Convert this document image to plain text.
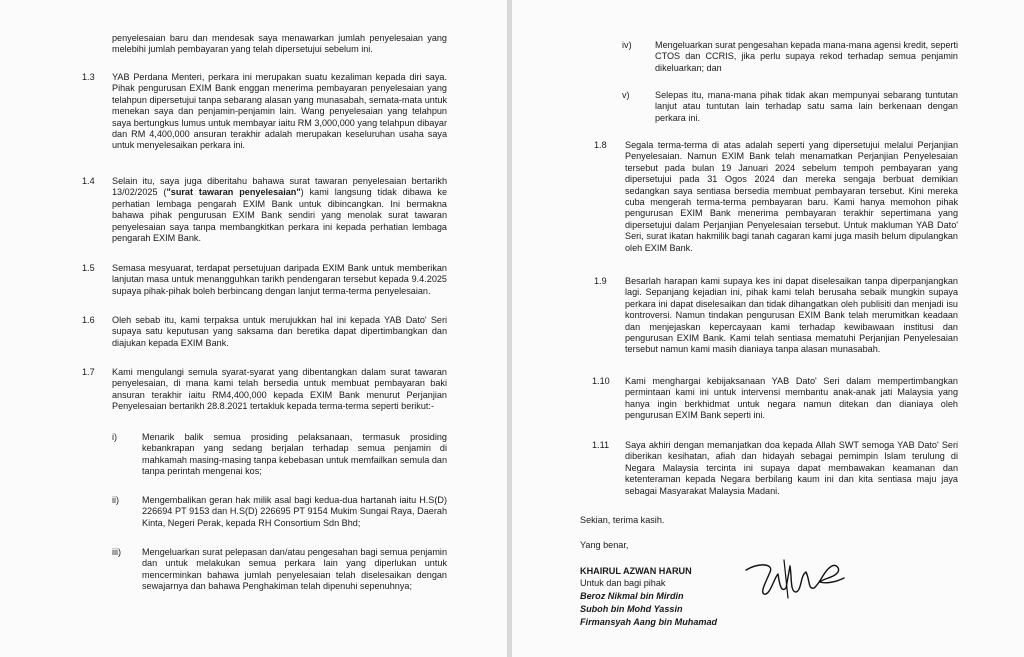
penyelesaian baru dan mendesak saya menawarkan jumlah penyelesaian yang melebihi jumlah pembayaran yang telah dipersetujui sebelum ini.

1.3 YAB Perdana Menteri, perkara ini merupakan suatu kezaliman kepada diri saya. Pihak pengurusan EXIM Bank enggan menerima pembayaran penyelesaian yang telahpun dipersetujui tanpa sebarang alasan yang munasabah, semata-mata untuk menekan saya dan penjamin-penjamin lain. Wang penyelesaian yang telahpun saya bertungkus lumus untuk membayar iaitu RM 3,000,000 yang telahpun dibayar dan RM 4,400,000 ansuran terakhir adalah merupakan keseluruhan usaha saya untuk menyelesaikan perkara ini.

1.4 Selain itu, saya juga diberitahu bahawa surat tawaran penyelesaian bertarikh 13/02/2025 ("surat tawaran penyelesaian") kami langsung tidak dibawa ke perhatian lembaga pengarah EXIM Bank untuk dibincangkan. Ini bermakna bahawa pihak pengurusan EXIM Bank sendiri yang menolak surat tawaran penyelesaian saya tanpa membangkitkan perkara ini kepada perhatian lembaga pengarah EXIM Bank.

1.5 Semasa mesyuarat, terdapat persetujuan daripada EXIM Bank untuk memberikan lanjutan masa untuk menangguhkan tarikh pendengaran tersebut kepada 9.4.2025 supaya pihak-pihak boleh berbincang dengan lanjut terma-terma penyelesaian.

1.6 Oleh sebab itu, kami terpaksa untuk merujukkan hal ini kepada YAB Dato' Seri supaya satu keputusan yang saksama dan beretika dapat dipertimbangkan dan diajukan kepada EXIM Bank.

1.7 Kami mengulangi semula syarat-syarat yang dibentangkan dalam surat tawaran penyelesaian, di mana kami telah bersedia untuk membuat pembayaran baki ansuran terakhir iaitu RM4,400,000 kepada EXIM Bank menurut Perjanjian Penyelesaian bertarikh 28.8.2021 tertakluk kepada terma-terma seperti berikut:-

i)	Menarik balik semua prosiding pelaksanaan, termasuk prosiding kebankrapan yang sedang berjalan terhadap semua penjamin di mahkamah masing-masing tanpa kebebasan untuk memfailkan semula dan tanpa perintah mengenai kos;

ii)	Mengembalikan geran hak milik asal bagi kedua-dua hartanah iaitu H.S(D) 226694 PT 9153 dan H.S(D) 226695 PT 9154 Mukim Sungai Raya, Daerah Kinta, Negeri Perak, kepada RH Consortium Sdn Bhd;

iii) Mengeluarkan surat pelepasan dan/atau pengesahan bagi semua penjamin dan untuk melakukan semua perkara lain yang diperlukan untuk mencerminkan bahawa jumlah penyelesaian telah diselesaikan dengan sewajarnya dan bahawa Penghakiman telah dipenuhi sepenuhnya;

iv)	Mengeluarkan surat pengesahan kepada mana-mana agensi kredit, seperti CTOS dan CCRIS, jika perlu supaya rekod terhadap semua penjamin dikeluarkan; dan

v)	Selepas itu, mana-mana pihak tidak akan mempunyai sebarang tuntutan lanjut atau tuntutan lain terhadap satu sama lain berkenaan dengan perkara ini.

1.8 Segala terma-terma di atas adalah seperti yang dipersetujui melalui Perjanjian Penyelesaian. Namun EXIM Bank telah menamatkan Perjanjian Penyelesaian tersebut pada bulan 19 Januari 2024 sebelum tempoh pembayaran yang dipersetujui pada 31 Ogos 2024 dan mereka sengaja berbuat demikian sedangkan saya sentiasa bersedia membuat pembayaran tersebut. Kini mereka cuba mengerah terma-terma pembayaran baru. Kami hanya memohon pihak pengurusan EXIM Bank menerima pembayaran terakhir sepertimana yang dipersetujui dalam Perjanjian Penyelesaian tersebut. Untuk makluman YAB Dato' Seri, surat ikatan hakmilik bagi tanah cagaran kami juga masih belum dipulangkan oleh EXIM Bank.

1.9 Besarlah harapan kami supaya kes ini dapat diselesaikan tanpa diperpanjangkan lagi. Sepanjang kejadian ini, pihak kami telah berusaha sebaik mungkin supaya perkara ini dapat diselesaikan dan tidak dihangatkan oleh publisiti dan menjadi isu kontroversi. Namun tindakan pengurusan EXIM Bank telah merumitkan keadaan dan menjejaskan kepercayaan kami terhadap kewibawaan institusi dan pengurusan EXIM Bank. Kami telah sentiasa mematuhi Perjanjian Penyelesaian tersebut namun kami masih dianiaya tanpa alasan munasabah.

1.10 Kami menghargai kebijaksanaan YAB Dato' Seri dalam mempertimbangkan permintaan kami ini untuk intervensi membantu anak-anak jati Malaysia yang hanya ingin berkhidmat untuk negara namun ditekan dan dianiaya oleh pengurusan EXIM Bank seperti ini.

1.11 Saya akhiri dengan memanjatkan doa kepada Allah SWT semoga YAB Dato' Seri diberikan kesihatan, afiah dan hidayah sebagai pemimpin Islam terulung di Negara Malaysia tercinta ini supaya dapat membawakan keamanan dan ketenteraman kepada Negara berbilang kaum ini dan kita sentiasa maju jaya sebagai Masyarakat Malaysia Madani.

Sekian, terima kasih.
Yang benar,
KHAIRUL AZWAN HARUN
Untuk dan bagi pihak
Beroz Nikmal bin Mirdin
Suboh bin Mohd Yassin
Firmansyah Aang bin Muhamad
